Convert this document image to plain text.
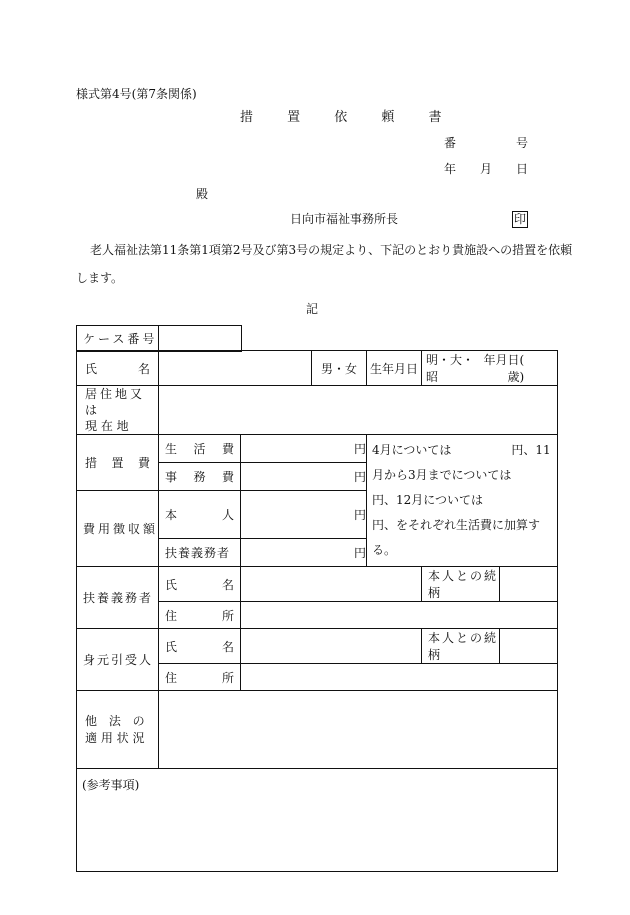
様式第4号(第7条関係)
措 置 依 頼 書
番	号
年 月 日
殿
日向市福祉事務所長	印
老人福祉法第11条第1項第2号及び第3号の規定より、下記のとおり貴施設への措置を依頼
します。
記
ケース番号

氏 名			男・女	生年月日	明・大・昭
年 月 日(　歳)	

居住地又は
現 在 地						

措 置 費	生 活 費	円		4月については　　　　　円、11月から3月までについては　　　　　円、12月については　　　　　円、をそれぞれ生活費に加算する。		

	事 務 費	円				

費用徴収額	本 人	円				

	扶養義務者	円				

扶養義務者	氏 名				本人との続柄	

	住 所					

身元引受人	氏 名				本人との続柄	

	住 所					

他 法 の
適 用 状 況						

(参考事項)						
